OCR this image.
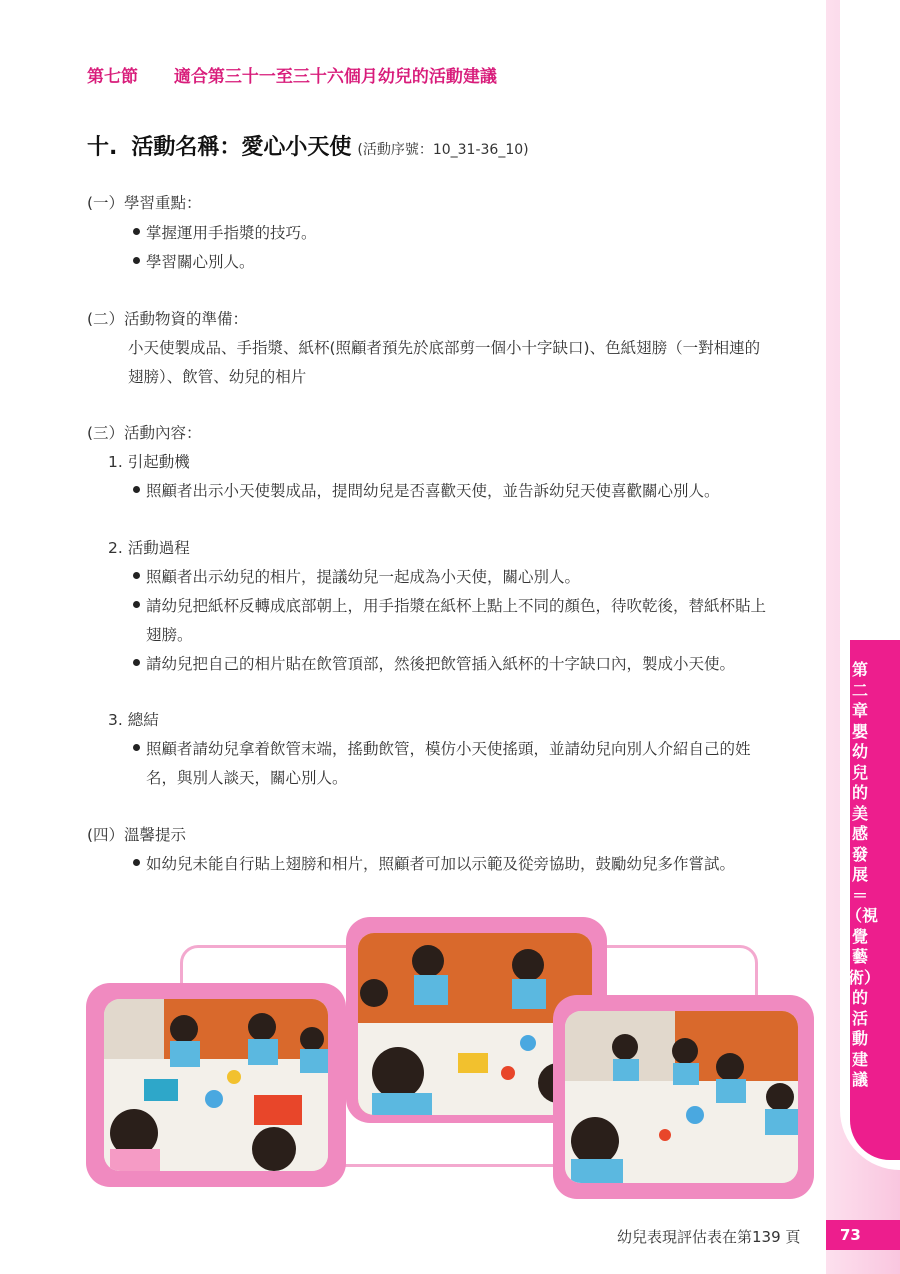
第七節 適合第三十一至三十六個月幼兒的活動建議
十. 活動名稱：愛心小天使 (活動序號：10_31-36_10)
(一）學習重點：
掌握運用手指漿的技巧。
學習關心別人。
(二）活動物資的準備：
小天使製成品、手指漿、紙杯(照顧者預先於底部剪一個小十字缺口)、色紙翅膀（一對相連的
翅膀）、飲管、幼兒的相片
(三）活動內容：
1. 引起動機
照顧者出示小天使製成品，提問幼兒是否喜歡天使，並告訴幼兒天使喜歡關心別人。
2. 活動過程
照顧者出示幼兒的相片，提議幼兒一起成為小天使，關心別人。
請幼兒把紙杯反轉成底部朝上，用手指漿在紙杯上點上不同的顏色，待吹乾後，替紙杯貼上
翅膀。
請幼兒把自己的相片貼在飲管頂部，然後把飲管插入紙杯的十字缺口內，製成小天使。
3. 總結
照顧者請幼兒拿着飲管末端，搖動飲管，模仿小天使搖頭，並請幼兒向別人介紹自己的姓
名，與別人談天，關心別人。
(四）溫馨提示
如幼兒未能自行貼上翅膀和相片，照顧者可加以示範及從旁協助，鼓勵幼兒多作嘗試。
第二章 嬰幼兒的美感發展＝（視覺藝術）的活動建議
幼兒表現評估表在第139 頁	73
